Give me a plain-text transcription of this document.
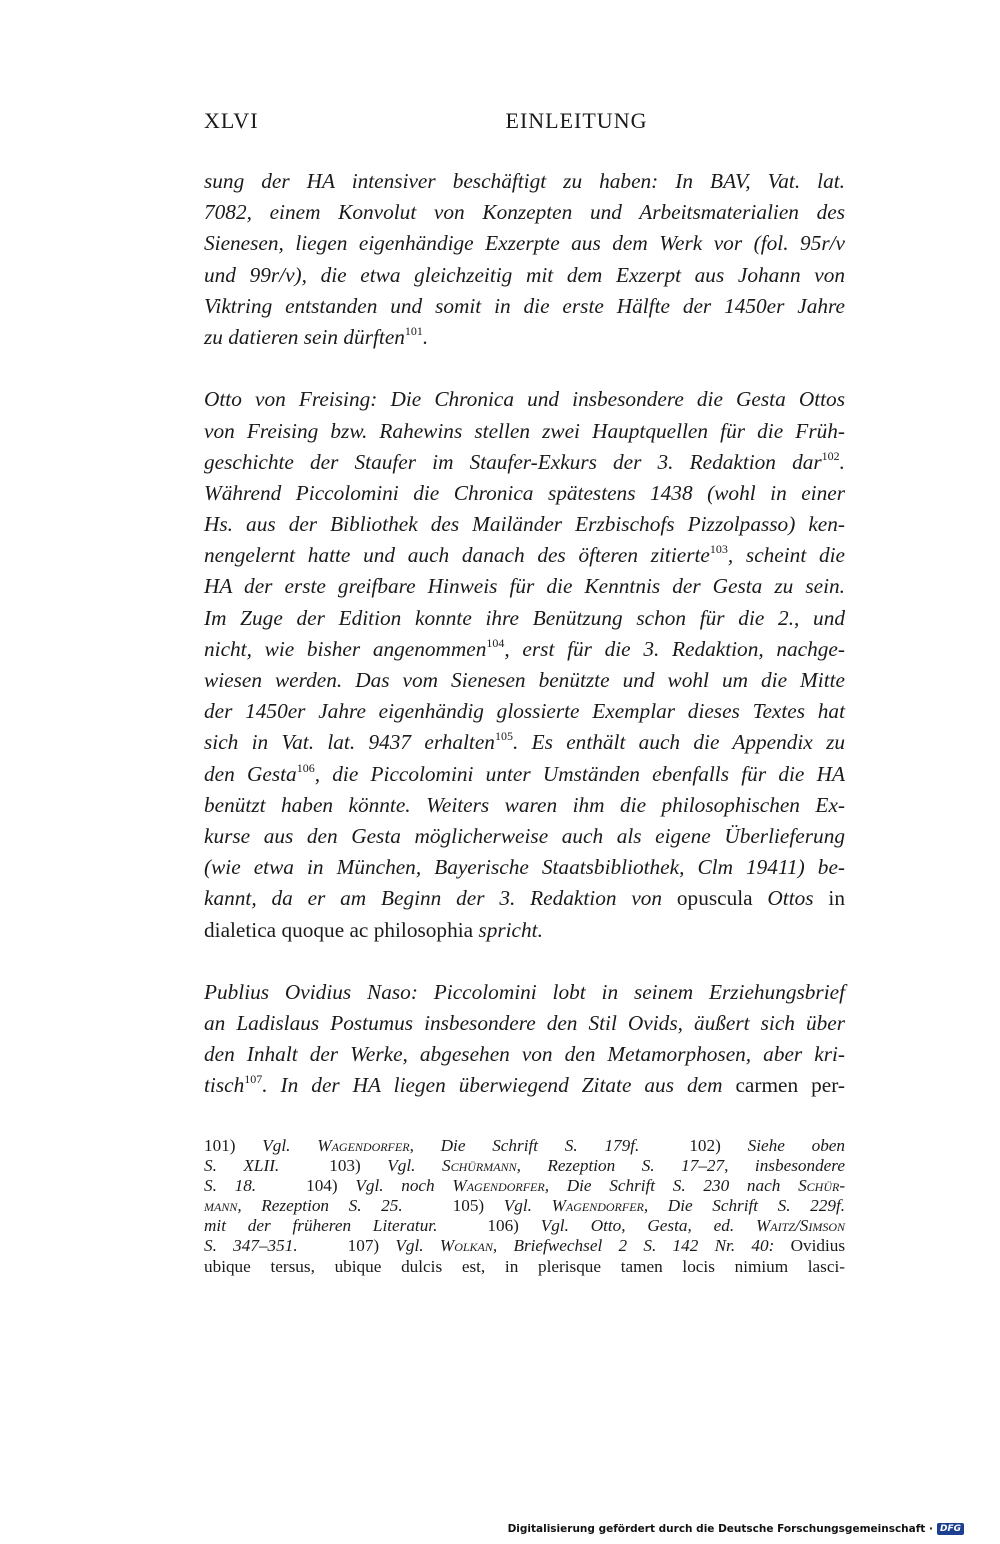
XLVI	EINLEITUNG

sung der HA intensiver beschäftigt zu haben: In BAV, Vat. lat.
7082, einem Konvolut von Konzepten und Arbeitsmaterialien des
Sienesen, liegen eigenhändige Exzerpte aus dem Werk vor (fol. 95r/v
und 99r/v), die etwa gleichzeitig mit dem Exzerpt aus Johann von
Viktring entstanden und somit in die erste Hälfte der 1450er Jahre
zu datieren sein dürften$^{101}$.

Otto von Freising: Die Chronica und insbesondere die Gesta Ottos
von Freising bzw. Rahewins stellen zwei Hauptquellen für die Früh-
geschichte der Staufer im Staufer-Exkurs der 3. Redaktion dar$^{102}$.
Während Piccolomini die Chronica spätestens 1438 (wohl in einer
Hs. aus der Bibliothek des Mailänder Erzbischofs Pizzolpasso) ken-
nengelernt hatte und auch danach des öfteren zitierte$^{103}$, scheint die
HA der erste greifbare Hinweis für die Kenntnis der Gesta zu sein.
Im Zuge der Edition konnte ihre Benützung schon für die 2., und
nicht, wie bisher angenommen$^{104}$, erst für die 3. Redaktion, nachge-
wiesen werden. Das vom Sienesen benützte und wohl um die Mitte
der 1450er Jahre eigenhändig glossierte Exemplar dieses Textes hat
sich in Vat. lat. 9437 erhalten$^{105}$. Es enthält auch die Appendix zu
den Gesta$^{106}$, die Piccolomini unter Umständen ebenfalls für die HA
benützt haben könnte. Weiters waren ihm die philosophischen Ex-
kurse aus den Gesta möglicherweise auch als eigene Überlieferung
(wie etwa in München, Bayerische Staatsbibliothek, Clm 19411) be-
kannt, da er am Beginn der 3. Redaktion von opuscula Ottos in
dialetica quoque ac philosophia spricht.

Publius Ovidius Naso: Piccolomini lobt in seinem Erziehungsbrief
an Ladislaus Postumus insbesondere den Stil Ovids, äußert sich über
den Inhalt der Werke, abgesehen von den Metamorphosen, aber kri-
tisch$^{107}$. In der HA liegen überwiegend Zitate aus dem carmen per-

101) Vgl. Wagendorfer, Die Schrift S. 179f.	102) Siehe oben
S. XLII.	103) Vgl. Schürmann, Rezeption S. 17–27, insbesondere
S. 18.	104) Vgl. noch Wagendorfer, Die Schrift S. 230 nach Schür-
mann, Rezeption S. 25.	105) Vgl. Wagendorfer, Die Schrift S. 229f.
mit der früheren Literatur.	106) Vgl. Otto, Gesta, ed. Waitz/Simson
S. 347–351.	107) Vgl. Wolkan, Briefwechsel 2 S. 142 Nr. 40: Ovidius
ubique tersus, ubique dulcis est, in plerisque tamen locis nimium lasci-
Digitalisierung gefördert durch die Deutsche Forschungsgemeinschaft · DFG
